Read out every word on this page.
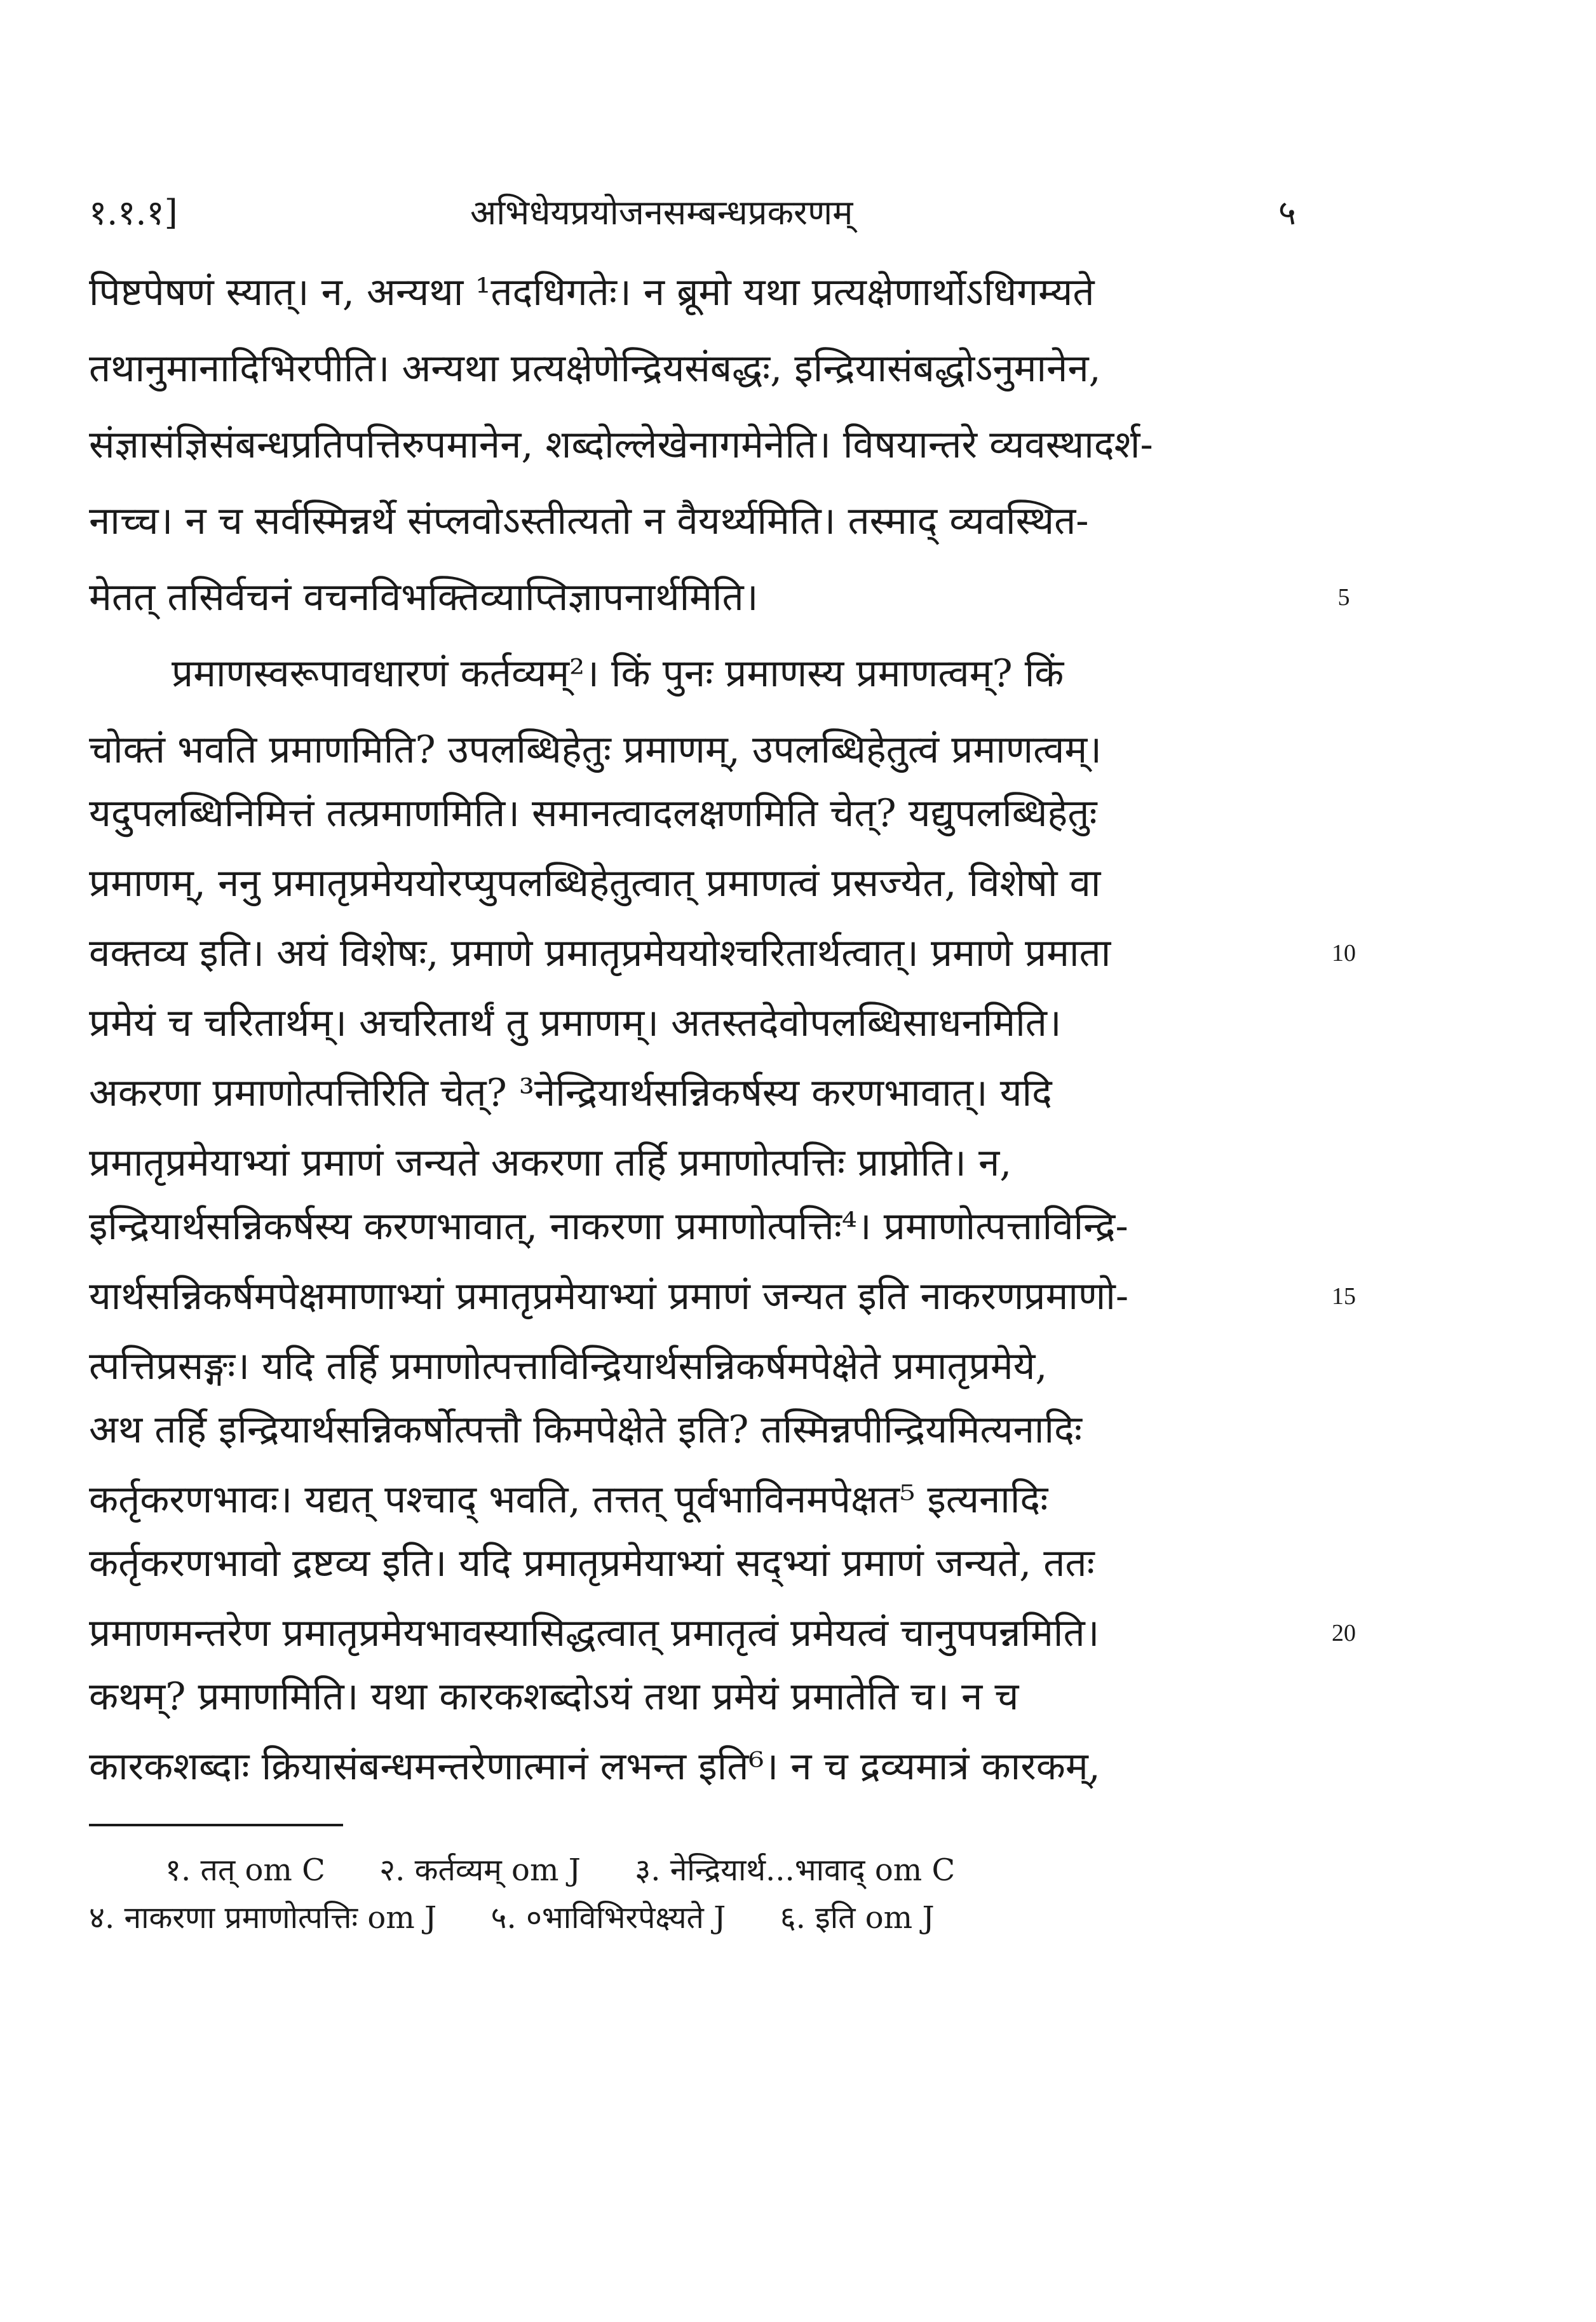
१.१.१]	अभिधेयप्रयोजनसम्बन्धप्रकरणम्	५
पिष्टपेषणं स्यात्। न, अन्यथा ¹तदधिगतेः। न ब्रूमो यथा प्रत्यक्षेणार्थोऽधिगम्यते
तथानुमानादिभिरपीति। अन्यथा प्रत्यक्षेणेन्द्रियसंबद्धः, इन्द्रियासंबद्धोऽनुमानेन,
संज्ञासंज्ञिसंबन्धप्रतिपत्तिरुपमानेन, शब्दोल्लेखेनागमेनेति। विषयान्तरे व्यवस्थादर्श-
नाच्च। न च सर्वस्मिन्नर्थे संप्लवोऽस्तीत्यतो न वैयर्थ्यमिति। तस्माद् व्यवस्थित-
मेतत् तसिर्वचनं वचनविभक्तिव्याप्तिज्ञापनार्थमिति।
प्रमाणस्वरूपावधारणं कर्तव्यम्²। किं पुनः प्रमाणस्य प्रमाणत्वम्? किं
चोक्तं भवति प्रमाणमिति? उपलब्धिहेतुः प्रमाणम्, उपलब्धिहेतुत्वं प्रमाणत्वम्।
यदुपलब्धिनिमित्तं तत्प्रमाणमिति। समानत्वादलक्षणमिति चेत्? यद्युपलब्धिहेतुः
प्रमाणम्, ननु प्रमातृप्रमेययोरप्युपलब्धिहेतुत्वात् प्रमाणत्वं प्रसज्येत, विशेषो वा
वक्तव्य इति। अयं विशेषः, प्रमाणे प्रमातृप्रमेययोश्चरितार्थत्वात्। प्रमाणे प्रमाता
प्रमेयं च चरितार्थम्। अचरितार्थं तु प्रमाणम्। अतस्तदेवोपलब्धिसाधनमिति।
अकरणा प्रमाणोत्पत्तिरिति चेत्? ³नेन्द्रियार्थसन्निकर्षस्य करणभावात्। यदि
प्रमातृप्रमेयाभ्यां प्रमाणं जन्यते अकरणा तर्हि प्रमाणोत्पत्तिः प्राप्नोति। न,
इन्द्रियार्थसन्निकर्षस्य करणभावात्, नाकरणा प्रमाणोत्पत्तिः⁴। प्रमाणोत्पत्ताविन्द्रि-
यार्थसन्निकर्षमपेक्षमाणाभ्यां प्रमातृप्रमेयाभ्यां प्रमाणं जन्यत इति नाकरणप्रमाणो-
त्पत्तिप्रसङ्गः। यदि तर्हि प्रमाणोत्पत्ताविन्द्रियार्थसन्निकर्षमपेक्षेते प्रमातृप्रमेये,
अथ तर्हि इन्द्रियार्थसन्निकर्षोत्पत्तौ किमपेक्षेते इति? तस्मिन्नपीन्द्रियमित्यनादिः
कर्तृकरणभावः। यद्यत् पश्चाद् भवति, तत्तत् पूर्वभाविनमपेक्षत⁵ इत्यनादिः
कर्तृकरणभावो द्रष्टव्य इति। यदि प्रमातृप्रमेयाभ्यां सद्भ्यां प्रमाणं जन्यते, ततः
प्रमाणमन्तरेण प्रमातृप्रमेयभावस्यासिद्धत्वात् प्रमातृत्वं प्रमेयत्वं चानुपपन्नमिति।
कथम्? प्रमाणमिति। यथा कारकशब्दोऽयं तथा प्रमेयं प्रमातेति च। न च
कारकशब्दाः क्रियासंबन्धमन्तरेणात्मानं लभन्त इति⁶। न च द्रव्यमात्रं कारकम्,
5
10
15
20
१. तत् om C २. कर्तव्यम् om J ३. नेन्द्रियार्थ...भावाद् om C
४. नाकरणा प्रमाणोत्पत्तिः om J ५. ०भाविभिरपेक्ष्यते J ६. इति om J
